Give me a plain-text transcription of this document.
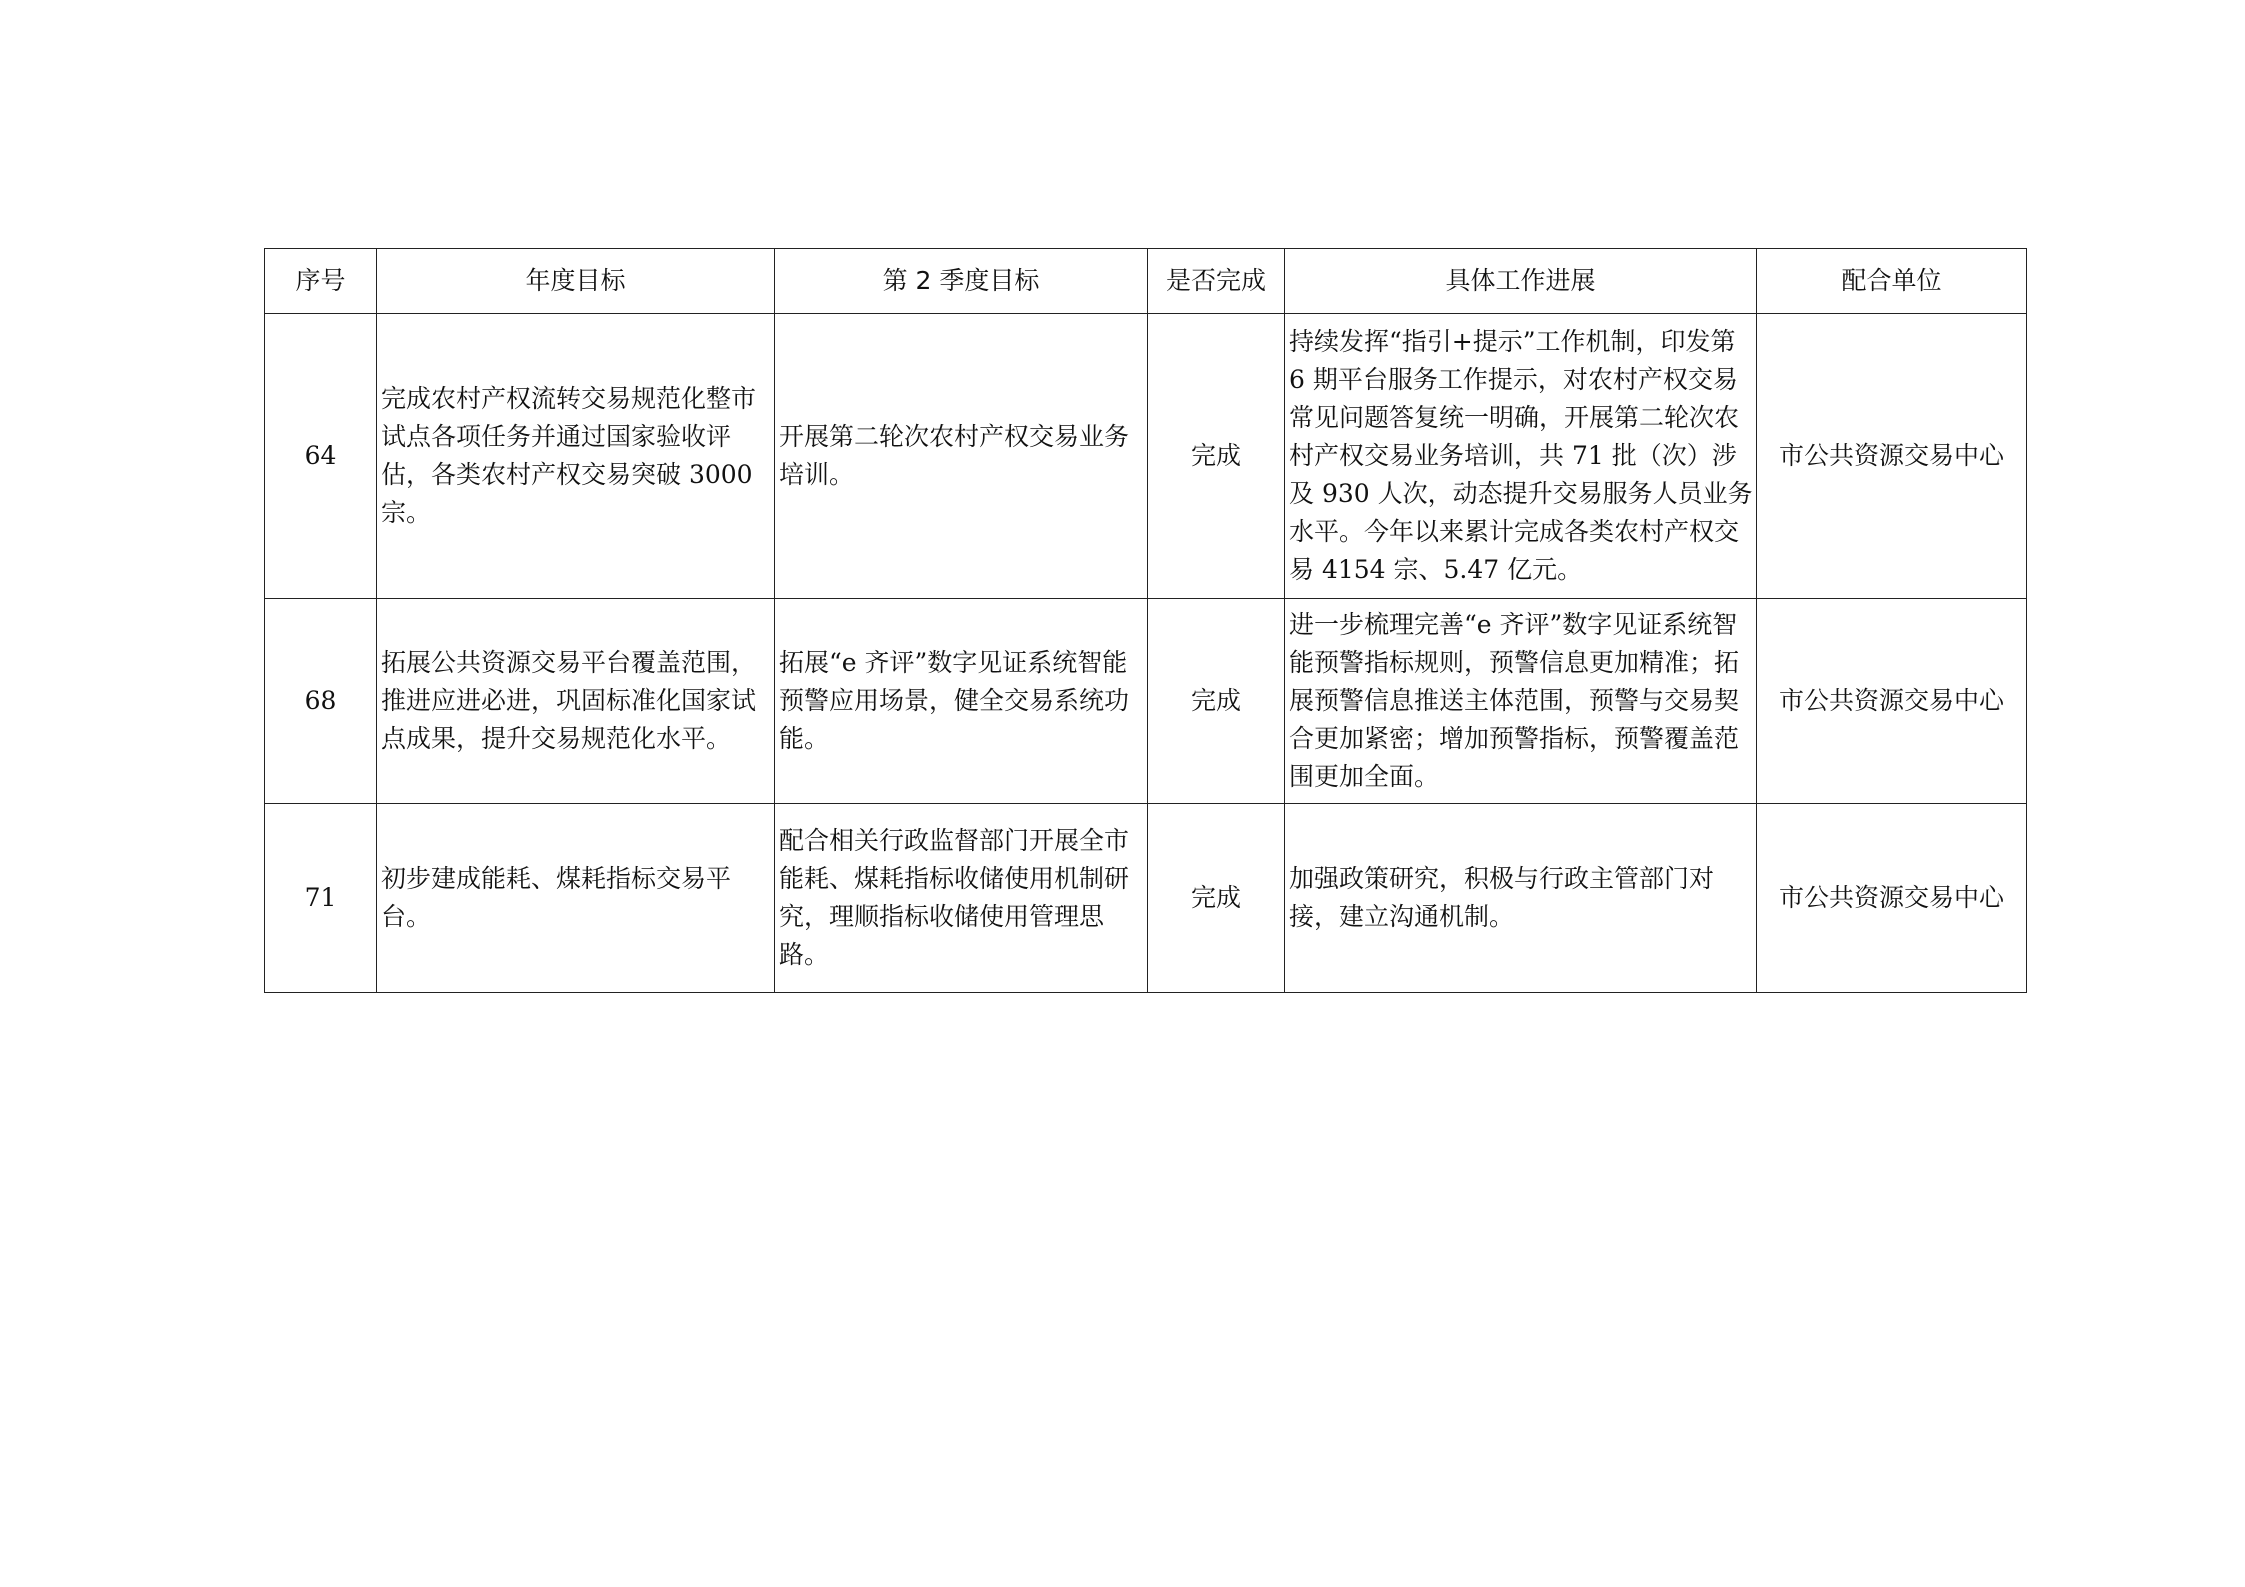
序号	年度目标	第 2 季度目标	是否完成	具体工作进展	配合单位
64	完成农村产权流转交易规范化整市试点各项任务并通过国家验收评估，各类农村产权交易突破 3000 宗。	开展第二轮次农村产权交易业务培训。	完成	持续发挥“指引+提示”工作机制，印发第 6 期平台服务工作提示，对农村产权交易常见问题答复统一明确，开展第二轮次农村产权交易业务培训，共 71 批（次）涉及 930 人次，动态提升交易服务人员业务水平。今年以来累计完成各类农村产权交易 4154 宗、5.47 亿元。	市公共资源交易中心
68	拓展公共资源交易平台覆盖范围，推进应进必进，巩固标准化国家试点成果，提升交易规范化水平。	拓展“e 齐评”数字见证系统智能预警应用场景，健全交易系统功能。	完成	进一步梳理完善“e 齐评”数字见证系统智能预警指标规则，预警信息更加精准；拓展预警信息推送主体范围，预警与交易契合更加紧密；增加预警指标，预警覆盖范围更加全面。	市公共资源交易中心
71	初步建成能耗、煤耗指标交易平台。	配合相关行政监督部门开展全市能耗、煤耗指标收储使用机制研究，理顺指标收储使用管理思路。	完成	加强政策研究，积极与行政主管部门对接，建立沟通机制。	市公共资源交易中心
